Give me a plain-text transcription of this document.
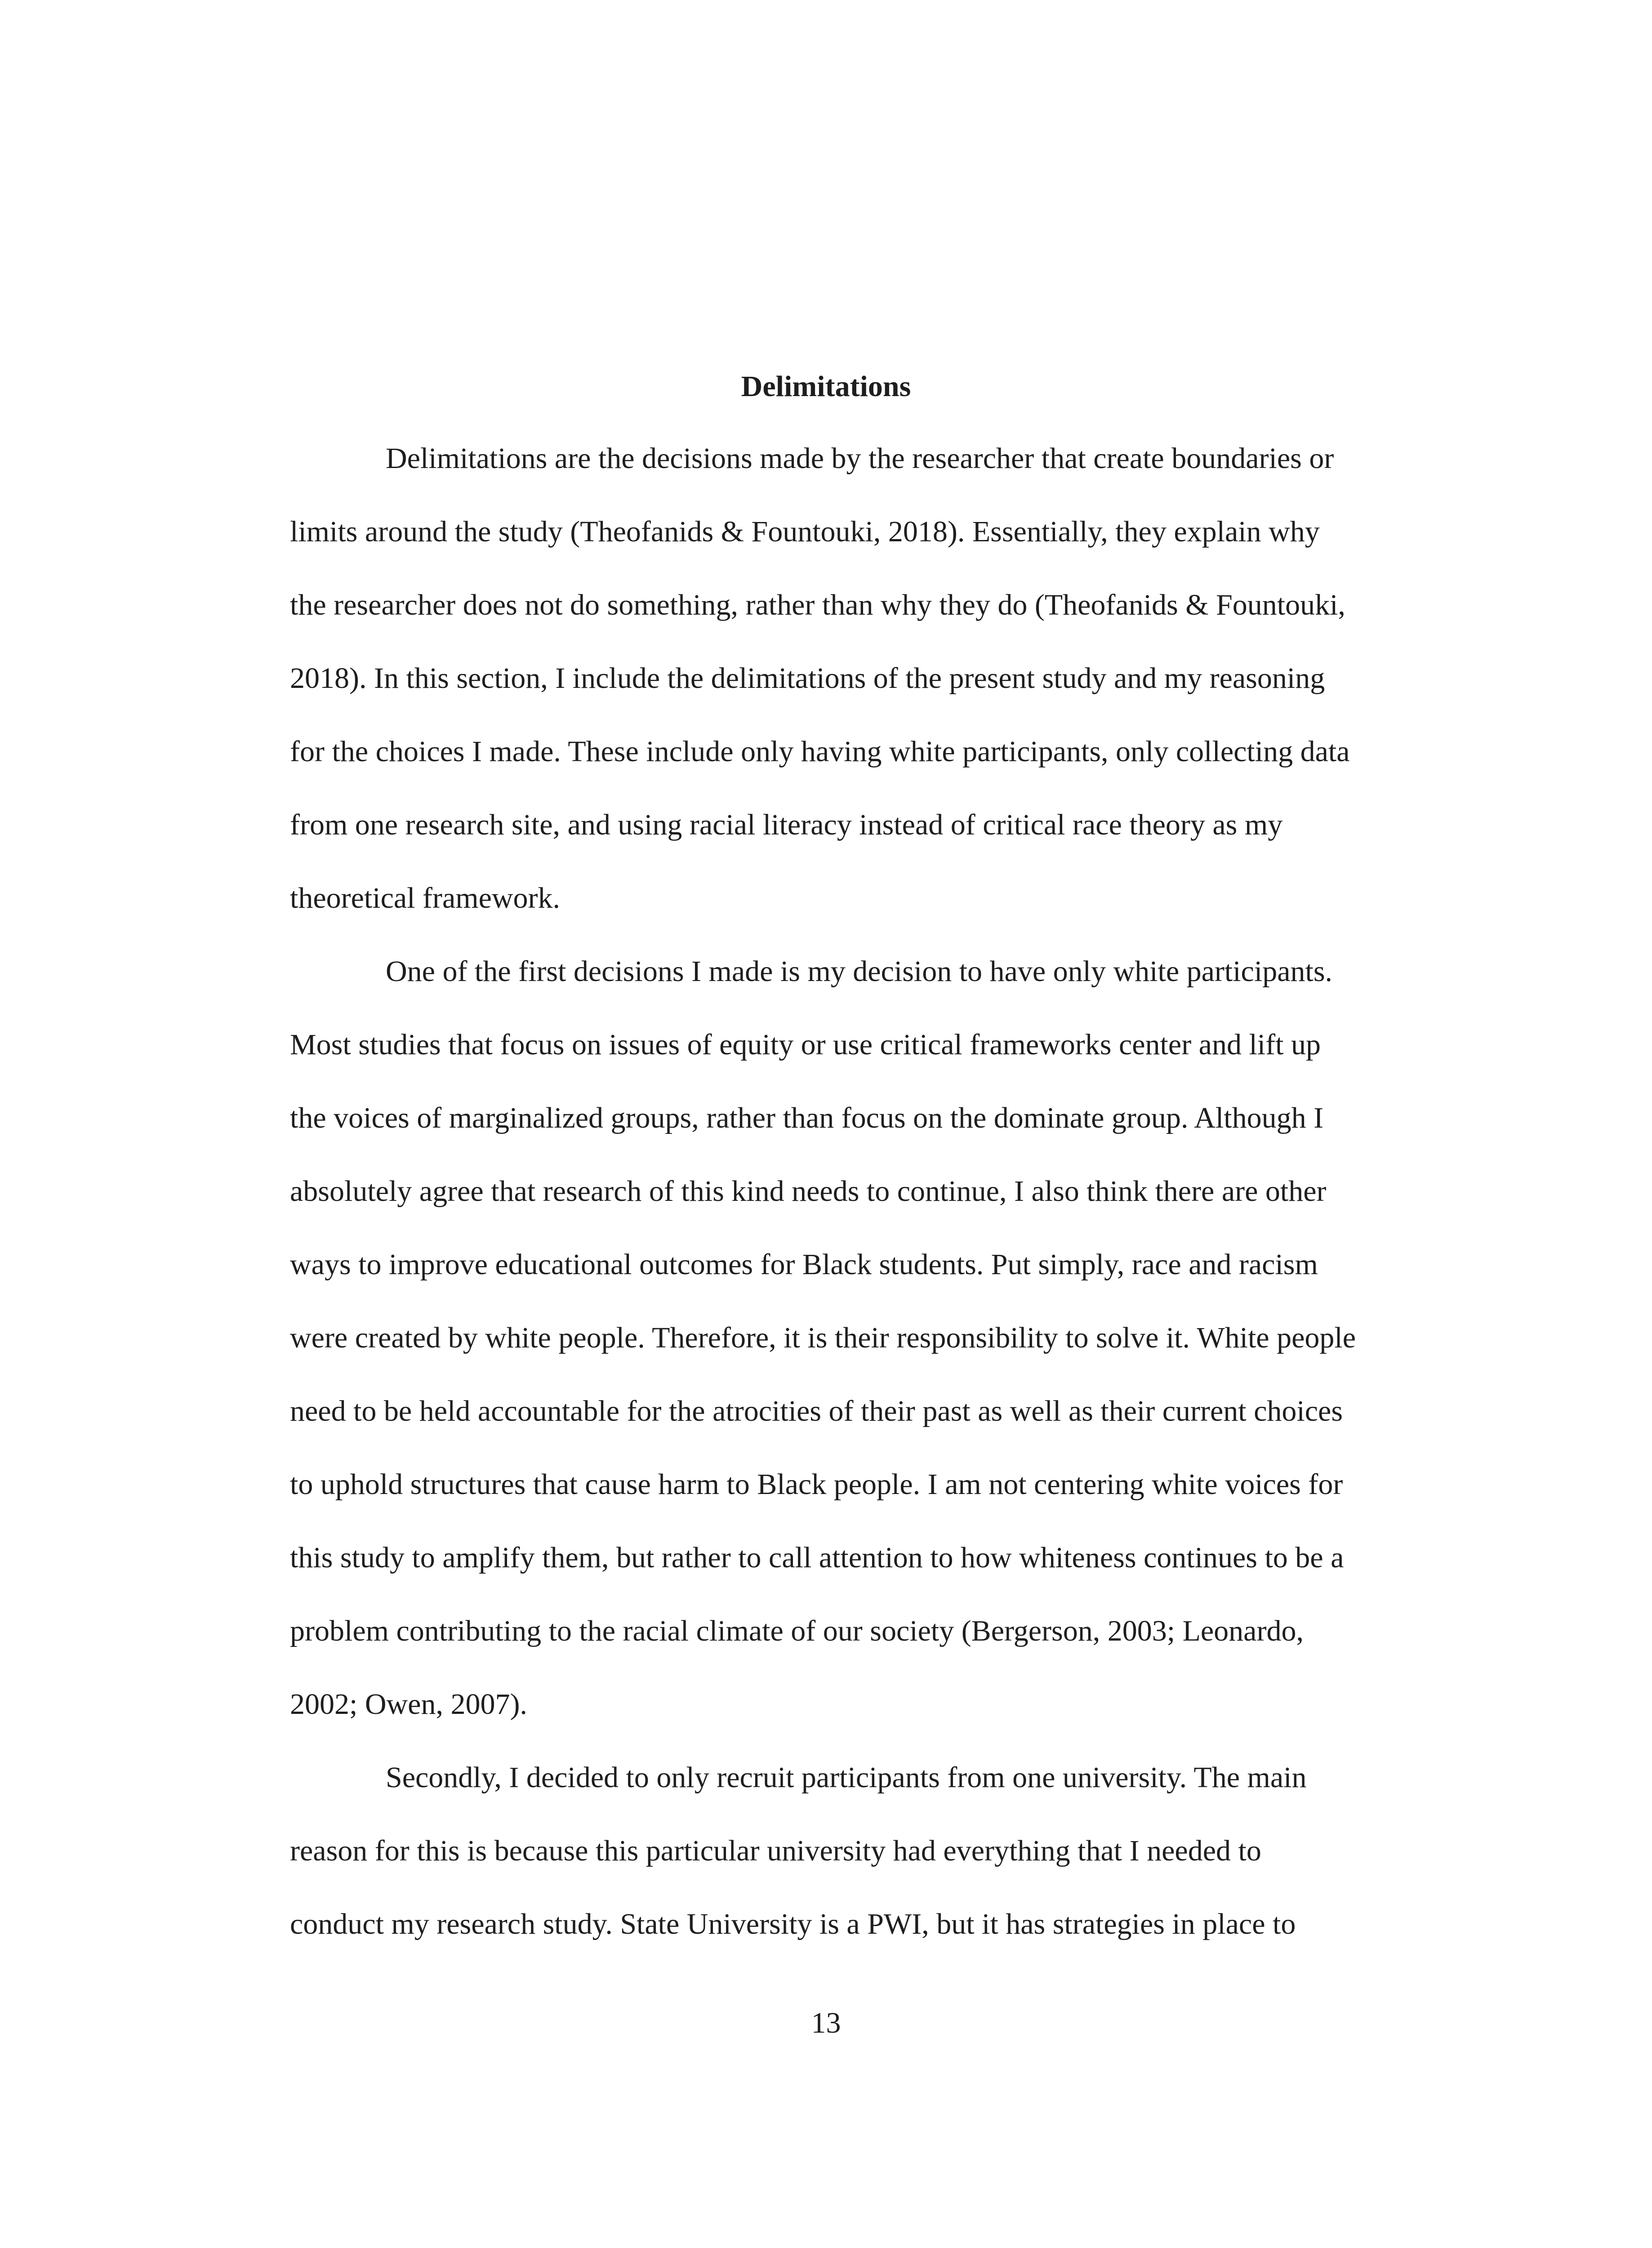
Delimitations

Delimitations are the decisions made by the researcher that create boundaries or

limits around the study (Theofanids & Fountouki, 2018). Essentially, they explain why

the researcher does not do something, rather than why they do (Theofanids & Fountouki,

2018). In this section, I include the delimitations of the present study and my reasoning

for the choices I made. These include only having white participants, only collecting data

from one research site, and using racial literacy instead of critical race theory as my

theoretical framework.

One of the first decisions I made is my decision to have only white participants.

Most studies that focus on issues of equity or use critical frameworks center and lift up

the voices of marginalized groups, rather than focus on the dominate group. Although I

absolutely agree that research of this kind needs to continue, I also think there are other

ways to improve educational outcomes for Black students. Put simply, race and racism

were created by white people. Therefore, it is their responsibility to solve it. White people

need to be held accountable for the atrocities of their past as well as their current choices

to uphold structures that cause harm to Black people. I am not centering white voices for

this study to amplify them, but rather to call attention to how whiteness continues to be a

problem contributing to the racial climate of our society (Bergerson, 2003; Leonardo,

2002; Owen, 2007).

Secondly, I decided to only recruit participants from one university. The main

reason for this is because this particular university had everything that I needed to

conduct my research study. State University is a PWI, but it has strategies in place to

13
